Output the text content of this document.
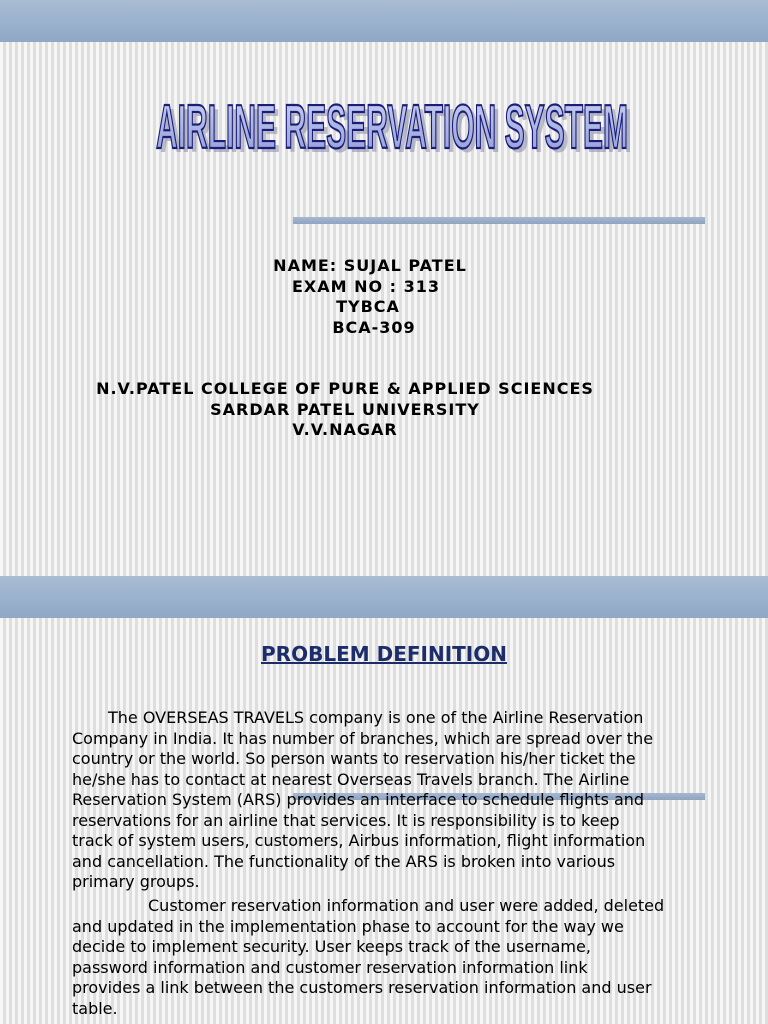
AIRLINE RESERVATION SYSTEM
AIRLINE RESERVATION SYSTEM
NAME: SUJAL PATEL
EXAM NO : 313
TYBCA
BCA-309
N.V.PATEL COLLEGE OF PURE & APPLIED SCIENCES
SARDAR PATEL UNIVERSITY
V.V.NAGAR
PROBLEM DEFINITION
The OVERSEAS TRAVELS company is one of the Airline Reservation
Company in India. It has number of branches, which are spread over the
country or the world. So person wants to reservation his/her ticket the
he/she has to contact at nearest Overseas Travels branch. The Airline
Reservation System (ARS) provides an interface to schedule flights and
reservations for an airline that services. It is responsibility is to keep
track of system users, customers, Airbus information, flight information
and cancellation. The functionality of the ARS is broken into various
primary groups.
Customer reservation information and user were added, deleted
and updated in the implementation phase to account for the way we
decide to implement security. User keeps track of the username,
password information and customer reservation information link
provides a link between the customers reservation information and user
table.
